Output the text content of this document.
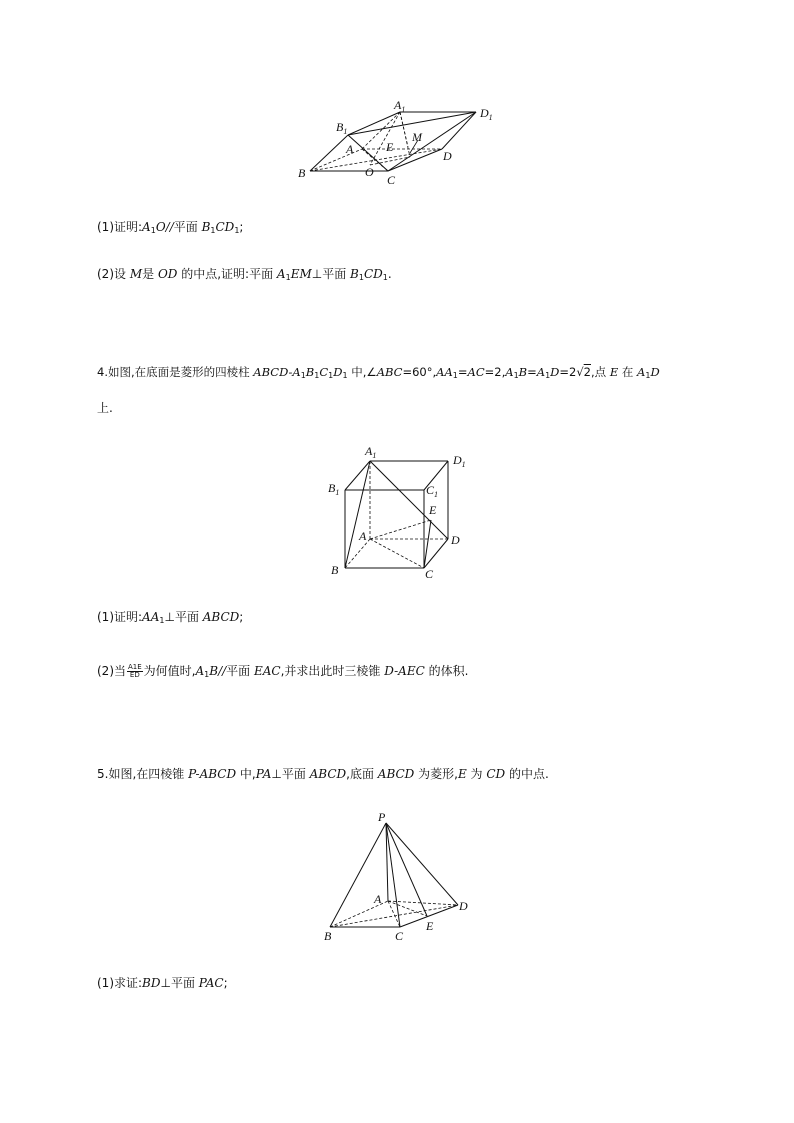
$B_1$
$A_1$	$D_1$
A	E
M
D
B	O
C
(1)证明$:A_1O//$平面 $B_1CD_1$;
(2)设 M是 OD 的中点,证明:平面 $A_1EM\perp$平面 $B_1CD_1$.
4.如图,在底面是菱形的四棱柱 ABCD-$A_1B_1C_1D_1$ 中$,\angle ABC=60^\circ,AA_1=AC=2,A_1B=A_1D=2√2$,点 E 在 $A_1D$
上.
$A_1$	$D_1$
$B_1$	$C_1$
E
A	D
B	C
(1)证明$:AA_1\perp$平面 ABCD;
(2)当 $\frac{A1E}{ED}$ 为何值时$,A_1B//$平面 EAC,并求出此时三棱锥 D-AEC 的体积.
5.如图,在四棱锥 P-ABCD 中,PA⊥平面 ABCD,底面 ABCD 为菱形,E 为 CD 的中点.
P
A	D
B	C
E
(1)求证:BD⊥平面 PAC;
